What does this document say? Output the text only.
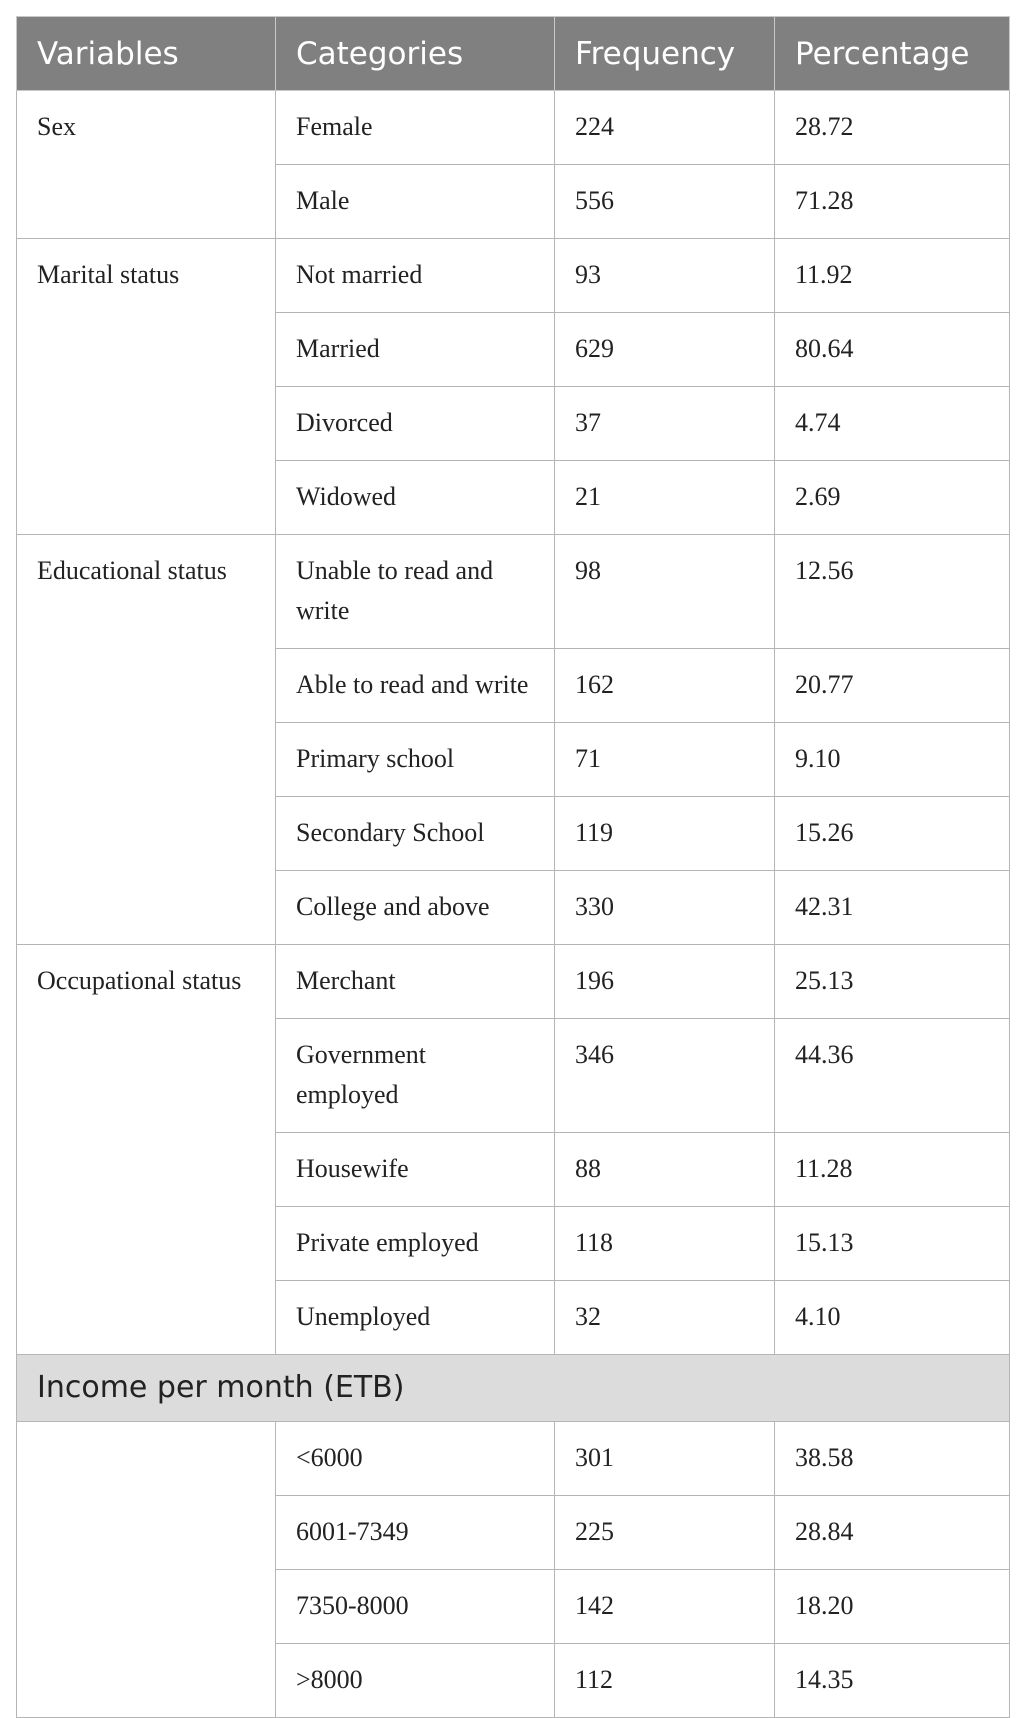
Variables	Categories	Frequency	Percentage
Sex	Female	224	28.72
	Male	556	71.28
Marital status	Not married	93	11.92
	Married	629	80.64
	Divorced	37	4.74
	Widowed	21	2.69
Educational status	Unable to read and write	98	12.56
	Able to read and write	162	20.77
	Primary school	71	9.10
	Secondary School	119	15.26
	College and above	330	42.31
Occupational status	Merchant	196	25.13
	Government employed	346	44.36
	Housewife	88	11.28
	Private employed	118	15.13
	Unemployed	32	4.10
Income per month (ETB)			
	<6000	301	38.58
	6001-7349	225	28.84
	7350-8000	142	18.20
	>8000	112	14.35
